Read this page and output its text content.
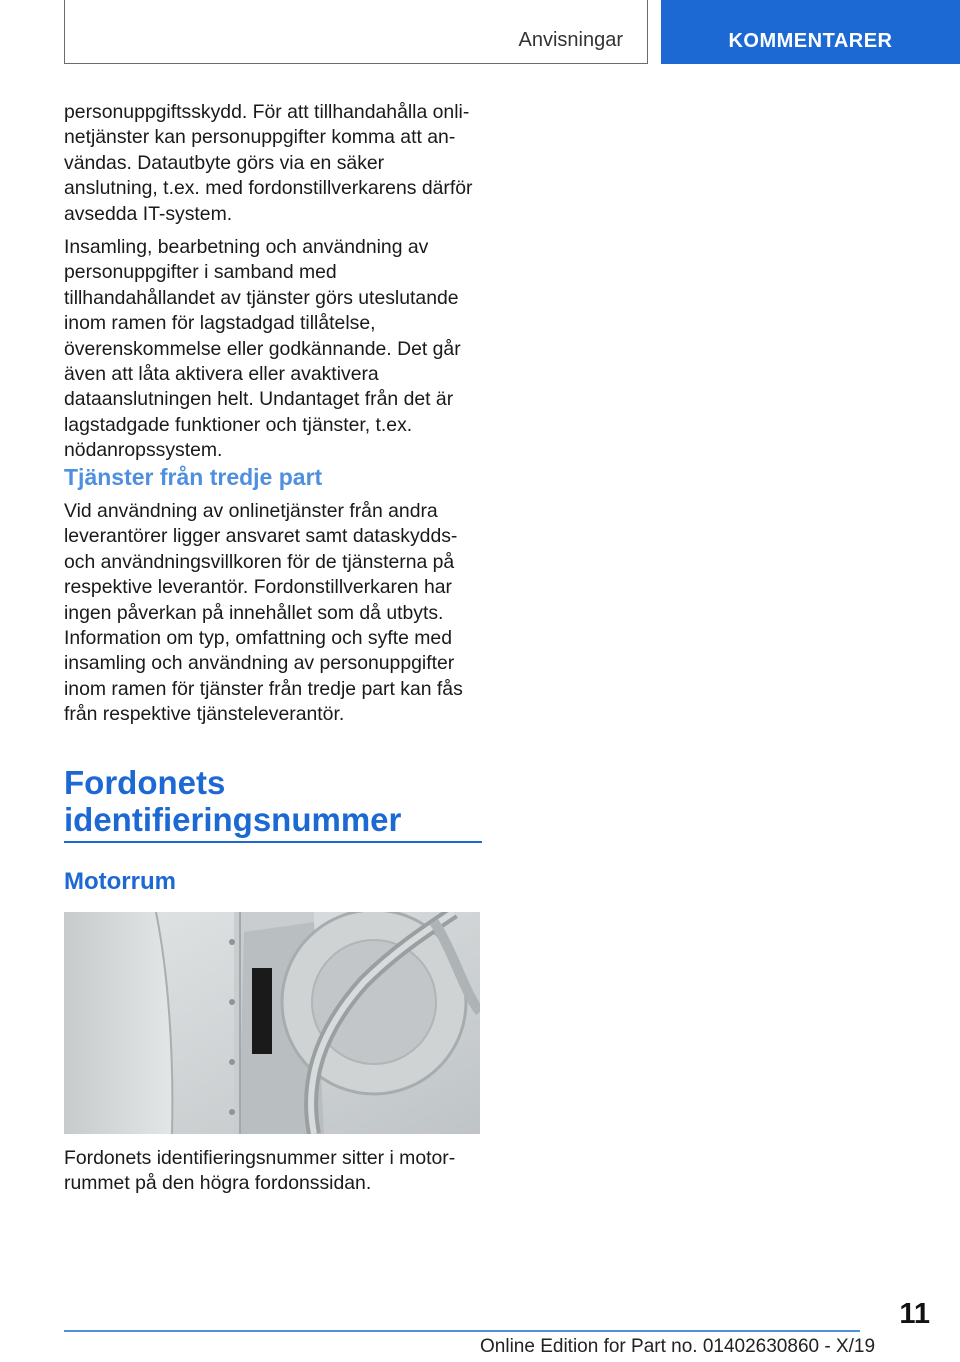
Anvisningar	KOMMENTARER

personuppgiftsskydd. För att tillhandahålla onlinetjänster kan personuppgifter komma att användas. Datautbyte görs via en säker anslutning, t.ex. med fordonstillverkarens därför avsedda IT-system.

Insamling, bearbetning och användning av personuppgifter i samband med tillhandahållandet av tjänster görs uteslutande inom ramen för lagstadgad tillåtelse, överenskommelse eller godkännande. Det går även att låta aktivera eller avaktivera dataanslutningen helt. Undantaget från det är lagstadgade funktioner och tjänster, t.ex. nödanropssystem.

Tjänster från tredje part

Vid användning av onlinetjänster från andra leverantörer ligger ansvaret samt dataskydds- och användningsvillkoren för de tjänsterna på respektive leverantör. Fordonstillverkaren har ingen påverkan på innehållet som då utbyts. Information om typ, omfattning och syfte med insamling och användning av personuppgifter inom ramen för tjänster från tredje part kan fås från respektive tjänsteleverantör.

Fordonets
identifieringsnummer
Motorrum

Fordonets identifieringsnummer sitter i motorrummet på den högra fordonssidan.

11
Online Edition for Part no. 01402630860 - X/19
